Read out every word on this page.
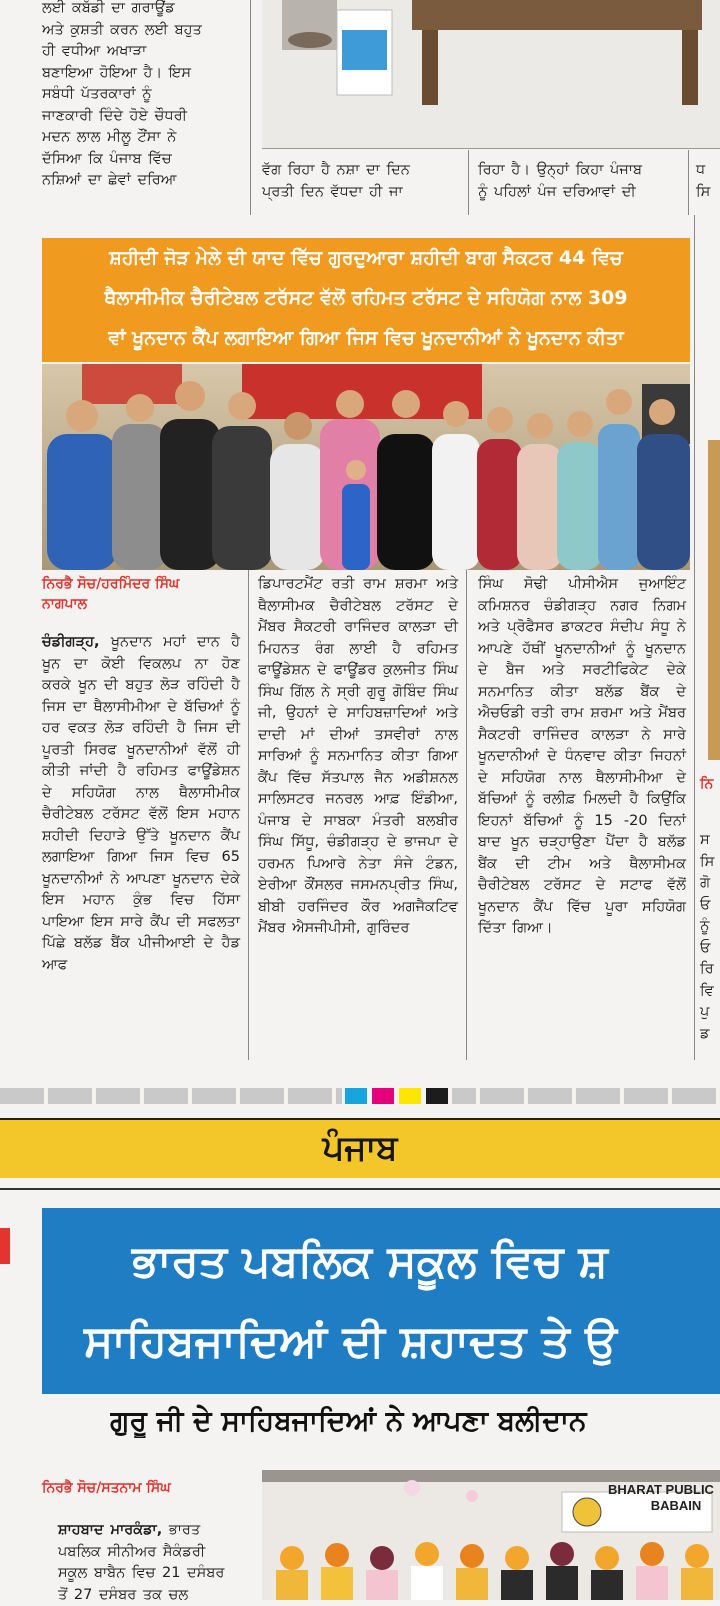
ਲਈ ਕਬੱਡੀ ਦਾ ਗਰਾਊਂਡ

ਅਤੇ ਕੁਸ਼ਤੀ ਕਰਨ ਲਈ ਬਹੁਤ

ਹੀ ਵਧੀਆ ਅਖਾੜਾ

ਬਣਾਇਆ ਹੋਇਆ ਹੈ। ਇਸ

ਸਬੰਧੀ ਪੱਤਰਕਾਰਾਂ ਨੂੰ

ਜਾਣਕਾਰੀ ਦਿੰਦੇ ਹੋਏ ਚੌਧਰੀ

ਮਦਨ ਲਾਲ ਮੀਲੂ ਟੌਂਸਾ ਨੇ

ਦੱਸਿਆ ਕਿ ਪੰਜਾਬ ਵਿੱਚ

ਨਸ਼ਿਆਂ ਦਾ ਛੇਵਾਂ ਦਰਿਆ

ਵੱਗ ਰਿਹਾ ਹੈ ਨਸ਼ਾ ਦਾ ਦਿਨ

ਪ੍ਰਤੀ ਦਿਨ ਵੱਧਦਾ ਹੀ ਜਾ

ਰਿਹਾ ਹੈ। ਉਨ੍ਹਾਂ ਕਿਹਾ ਪੰਜਾਬ

ਨੂੰ ਪਹਿਲਾਂ ਪੰਜ ਦਰਿਆਵਾਂ ਦੀ

ਧ

ਸਿ

ਸ਼ਹੀਦੀ ਜੋੜ ਮੇਲੇ ਦੀ ਯਾਦ ਵਿੱਚ ਗੁਰਦੁਆਰਾ ਸ਼ਹੀਦੀ ਬਾਗ ਸੈਕਟਰ 44 ਵਿਚ
ਥੈਲਾਸੀਮੀਕ ਚੈਰੀਟੇਬਲ ਟਰੱਸਟ ਵੱਲੋਂ ਰਹਿਮਤ ਟਰੱਸਟ ਦੇ ਸਹਿਯੋਗ ਨਾਲ 309
ਵਾਂ ਖੂਨਦਾਨ ਕੈਂਪ ਲਗਾਇਆ ਗਿਆ ਜਿਸ ਵਿਚ ਖੂਨਦਾਨੀਆਂ ਨੇ ਖੂਨਦਾਨ ਕੀਤਾ
ਨਿਰਭੈ ਸੋਚ/ਹਰਮਿੰਦਰ ਸਿੰਘ
ਨਾਗਪਾਲ

ਚੰਡੀਗੜ੍ਹ, ਖੂਨਦਾਨ ਮਹਾਂ ਦਾਨ ਹੈ ਖੂਨ ਦਾ ਕੋਈ ਵਿਕਲਪ ਨਾ ਹੋਣ ਕਰਕੇ ਖੂਨ ਦੀ ਬਹੁਤ ਲੋੜ ਰਹਿੰਦੀ ਹੈ ਜਿਸ ਦਾ ਥੈਲਾਸੀਮੀਆ ਦੇ ਬੱਚਿਆਂ ਨੂੰ ਹਰ ਵਕਤ ਲੋੜ ਰਹਿੰਦੀ ਹੈ ਜਿਸ ਦੀ ਪੂਰਤੀ ਸਿਰਫ ਖੂਨਦਾਨੀਆਂ ਵੱਲੋਂ ਹੀ ਕੀਤੀ ਜਾਂਦੀ ਹੈ ਰਹਿਮਤ ਫਾਊਂਡੇਸ਼ਨ ਦੇ ਸਹਿਯੋਗ ਨਾਲ ਥੈਲਾਸੀਮੀਕ ਚੈਰੀਟੇਬਲ ਟਰੱਸਟ ਵੱਲੋਂ ਇਸ ਮਹਾਨ ਸ਼ਹੀਦੀ ਦਿਹਾੜੇ ਉੱਤੇ ਖੂਨਦਾਨ ਕੈਂਪ ਲਗਾਇਆ ਗਿਆ ਜਿਸ ਵਿਚ 65 ਖੂਨਦਾਨੀਆਂ ਨੇ ਆਪਣਾ ਖੂਨਦਾਨ ਦੇਕੇ ਇਸ ਮਹਾਨ ਕੁੰਭ ਵਿਚ ਹਿੱਸਾ ਪਾਇਆ ਇਸ ਸਾਰੇ ਕੈਂਪ ਦੀ ਸਫਲਤਾ ਪਿੱਛੇ ਬਲੱਡ ਬੈਂਕ ਪੀਜੀਆਈ ਦੇ ਹੈਡ ਆਫ

ਡਿਪਾਰਟਮੈਂਟ ਰਤੀ ਰਾਮ ਸ਼ਰਮਾ ਅਤੇ ਥੈਲਾਸੀਮਕ ਚੈਰੀਟੇਬਲ ਟਰੱਸਟ ਦੇ ਮੈਂਬਰ ਸੈਕਟਰੀ ਰਾਜਿੰਦਰ ਕਾਲੜਾ ਦੀ ਮਿਹਨਤ ਰੰਗ ਲਾਈ ਹੈ ਰਹਿਮਤ ਫਾਊਂਡੇਸ਼ਨ ਦੇ ਫਾਊਂਡਰ ਕੁਲਜੀਤ ਸਿੰਘ ਸਿੰਘ ਗਿੱਲ ਨੇ ਸ੍ਰੀ ਗੁਰੂ ਗੋਬਿੰਦ ਸਿੰਘ ਜੀ, ਉਹਨਾਂ ਦੇ ਸਾਹਿਬਜ਼ਾਦਿਆਂ ਅਤੇ ਦਾਦੀ ਮਾਂ ਦੀਆਂ ਤਸਵੀਰਾਂ ਨਾਲ ਸਾਰਿਆਂ ਨੂੰ ਸਨਮਾਨਿਤ ਕੀਤਾ ਗਿਆ ਕੈਂਪ ਵਿੱਚ ਸੱਤਪਾਲ ਜੈਨ ਅਡੀਸ਼ਨਲ ਸਾਲਿਸਟਰ ਜਨਰਲ ਆਫ਼ ਇੰਡੀਆ, ਪੰਜਾਬ ਦੇ ਸਾਬਕਾ ਮੰਤਰੀ ਬਲਬੀਰ ਸਿੰਘ ਸਿੱਧੂ, ਚੰਡੀਗੜ੍ਹ ਦੇ ਭਾਜਪਾ ਦੇ ਹਰਮਨ ਪਿਆਰੇ ਨੇਤਾ ਸੰਜੇ ਟੰਡਨ, ਏਰੀਆ ਕੌਂਸਲਰ ਜਸਮਨਪ੍ਰੀਤ ਸਿੰਘ, ਬੀਬੀ ਹਰਜਿੰਦਰ ਕੌਰ ਅਗਜੈਕਟਿਵ ਮੈਂਬਰ ਐਸਜੀਪੀਸੀ, ਗੁਰਿੰਦਰ

ਸਿੰਘ ਸੋਢੀ ਪੀਸੀਐਸ ਜੁਆਇੰਟ ਕਮਿਸ਼ਨਰ ਚੰਡੀਗੜ੍ਹ ਨਗਰ ਨਿਗਮ ਅਤੇ ਪ੍ਰੋਫੈਸਰ ਡਾਕਟਰ ਸੰਦੀਪ ਸੰਧੂ ਨੇ ਆਪਣੇ ਹੱਥੀਂ ਖੂਨਦਾਨੀਆਂ ਨੂੰ ਖੂਨਦਾਨ ਦੇ ਬੈਜ ਅਤੇ ਸਰਟੀਫਿਕੇਟ ਦੇਕੇ ਸਨਮਾਨਿਤ ਕੀਤਾ ਬਲੱਡ ਬੈਂਕ ਦੇ ਐਚਓਡੀ ਰਤੀ ਰਾਮ ਸ਼ਰਮਾ ਅਤੇ ਮੈਂਬਰ ਸੈਕਟਰੀ ਰਾਜਿੰਦਰ ਕਾਲੜਾ ਨੇ ਸਾਰੇ ਖੂਨਦਾਨੀਆਂ ਦੇ ਧੰਨਵਾਦ ਕੀਤਾ ਜਿਹਨਾਂ ਦੇ ਸਹਿਯੋਗ ਨਾਲ ਥੈਲਾਸੀਮੀਆ ਦੇ ਬੱਚਿਆਂ ਨੂੰ ਰਲੀਫ਼ ਮਿਲਦੀ ਹੈ ਕਿਉਂਕਿ ਇਹਨਾਂ ਬੱਚਿਆਂ ਨੂੰ 15 -20 ਦਿਨਾਂ ਬਾਦ ਖੂਨ ਚੜ੍ਹਾਉਣਾ ਪੈਂਦਾ ਹੈ ਬਲੱਡ ਬੈਂਕ ਦੀ ਟੀਮ ਅਤੇ ਥੈਲਾਸੀਮਕ ਚੈਰੀਟੇਬਲ ਟਰੱਸਟ ਦੇ ਸਟਾਫ ਵੱਲੋਂ ਖੂਨਦਾਨ ਕੈਂਪ ਵਿੱਚ ਪੂਰਾ ਸਹਿਯੋਗ ਦਿੱਤਾ ਗਿਆ।

ਨਿ

ਸ

ਸਿ

ਗੋ

ਓ

ਨੂੰ

ਓ

ਰਿ

ਵਿ

ਪੁ

ਡ

ਪੰਜਾਬ
ਭਾਰਤ ਪਬਲਿਕ ਸਕੂਲ ਵਿਚ ਸ਼
ਸਾਹਿਬਜਾਦਿਆਂ ਦੀ ਸ਼ਹਾਦਤ ਤੇ ਉ
ਗੁਰੂ ਜੀ ਦੇ ਸਾਹਿਬਜਾਦਿਆਂ ਨੇ ਆਪਣਾ ਬਲੀਦਾਨ
ਨਿਰਭੈ ਸੋਚ/ਸਤਨਾਮ ਸਿੰਘ

ਸ਼ਾਹਬਾਦ ਮਾਰਕੰਡਾ, ਭਾਰਤ

ਪਬਲਿਕ ਸੀਨੀਅਰ ਸੈਕੰਡਰੀ

ਸਕੂਲ ਬਾਬੈਨ ਵਿਚ 21 ਦਸੰਬਰ

ਤੋਂ 27 ਦਸੰਬਰ ਤਕ ਚਲ

BHARAT PUBLIC
BABAIN
